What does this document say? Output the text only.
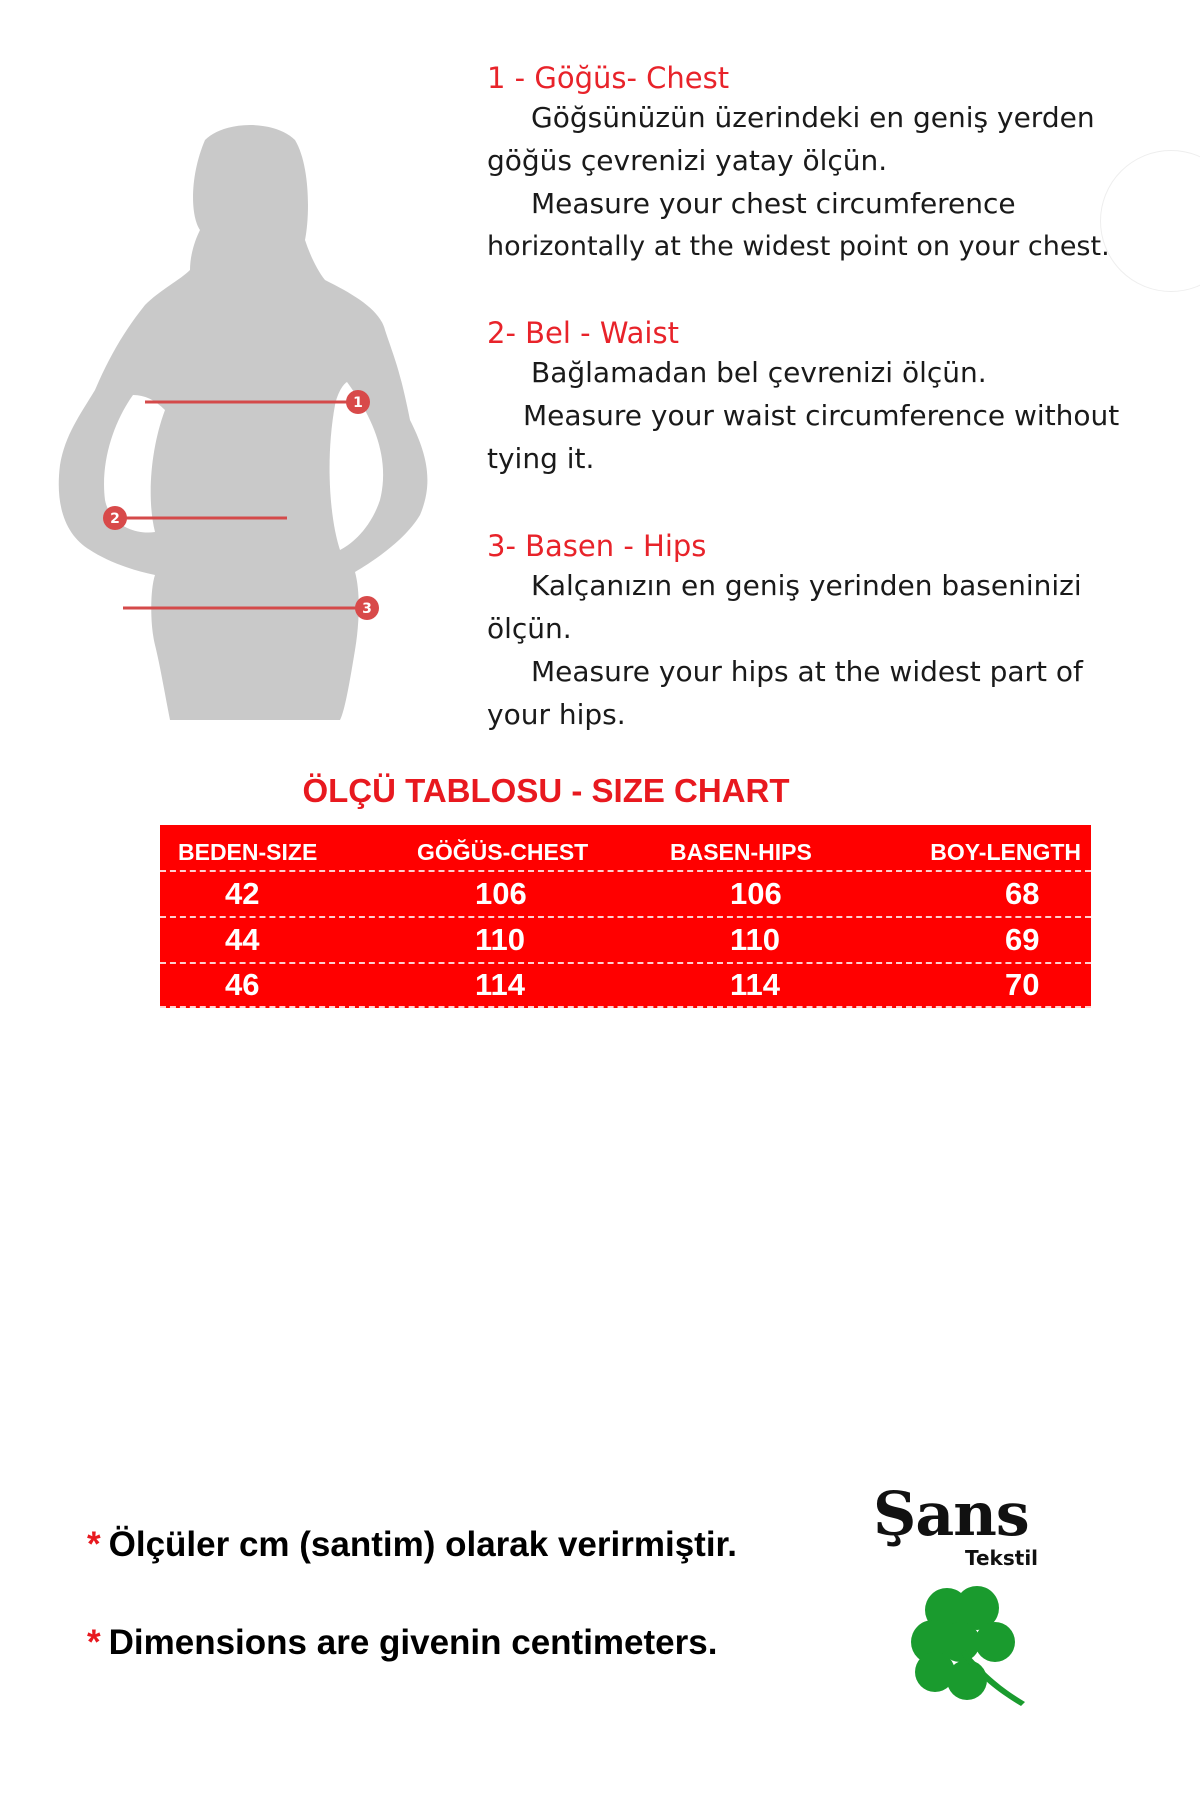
1
2
3
1 - Göğüs- Chest

Göğsünüzün üzerindeki en geniş yerden

göğüs çevrenizi yatay ölçün.

Measure your chest circumference

horizontally at the widest point on your chest.

2- Bel - Waist

Bağlamadan bel çevrenizi ölçün.

Measure your waist circumference without

tying it.

3- Basen - Hips

Kalçanızın en geniş yerinden baseninizi

ölçün.

Measure your hips at the widest part of

your hips.

ÖLÇÜ TABLOSU - SIZE CHART
BEDEN-SIZE	GÖĞÜS-CHEST	BASEN-HIPS	BOY-LENGTH
42	106	106	68
44	110	110	69
46	114	114	70
* Ölçüler cm (santim) olarak verirmiştir.
* Dimensions are givenin centimeters.
Şans
Tekstil
